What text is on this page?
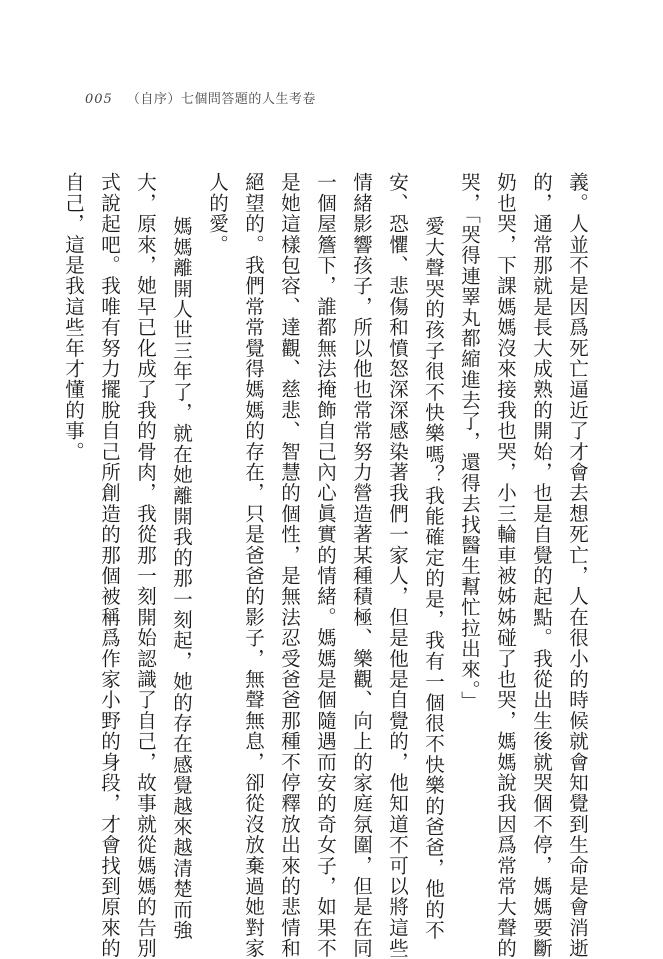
005 （自序）七個問答題的人生考卷
義。人並不是因爲死亡逼近了才會去想死亡，人在很小的時候就會知覺到生命是會消逝
的，通常那就是長大成熟的開始，也是自覺的起點。我從出生後就哭個不停，媽媽要斷
奶也哭，下課媽媽沒來接我也哭，小三輪車被姊姊碰了也哭，媽媽說我因爲常常大聲的
哭，「哭得連睪丸都縮進去了，還得去找醫生幫忙拉出來。」
愛大聲哭的孩子很不快樂嗎？我能確定的是，我有一個很不快樂的爸爸，他的不
安、恐懼、悲傷和憤怒深深感染著我們一家人，但是他是自覺的，他知道不可以將這些
情緒影響孩子，所以他也常常努力營造著某種積極、樂觀、向上的家庭氛圍，但是在同
一個屋簷下，誰都無法掩飾自己內心眞實的情緒。媽媽是個隨遇而安的奇女子，如果不
是她這樣包容、達觀、慈悲、智慧的個性，是無法忍受爸爸那種不停釋放出來的悲情和
絕望的。我們常常覺得媽媽的存在，只是爸爸的影子，無聲無息，卻從沒放棄過她對家
人的愛。
媽媽離開人世三年了，就在她離開我的那一刻起，她的存在感覺越來越清楚而強
大，原來，她早已化成了我的骨肉，我從那一刻開始認識了自己，故事就從媽媽的告別
式說起吧。我唯有努力擺脫自己所創造的那個被稱爲作家小野的身段，才會找到原來的
自己，這是我這些年才懂的事。
